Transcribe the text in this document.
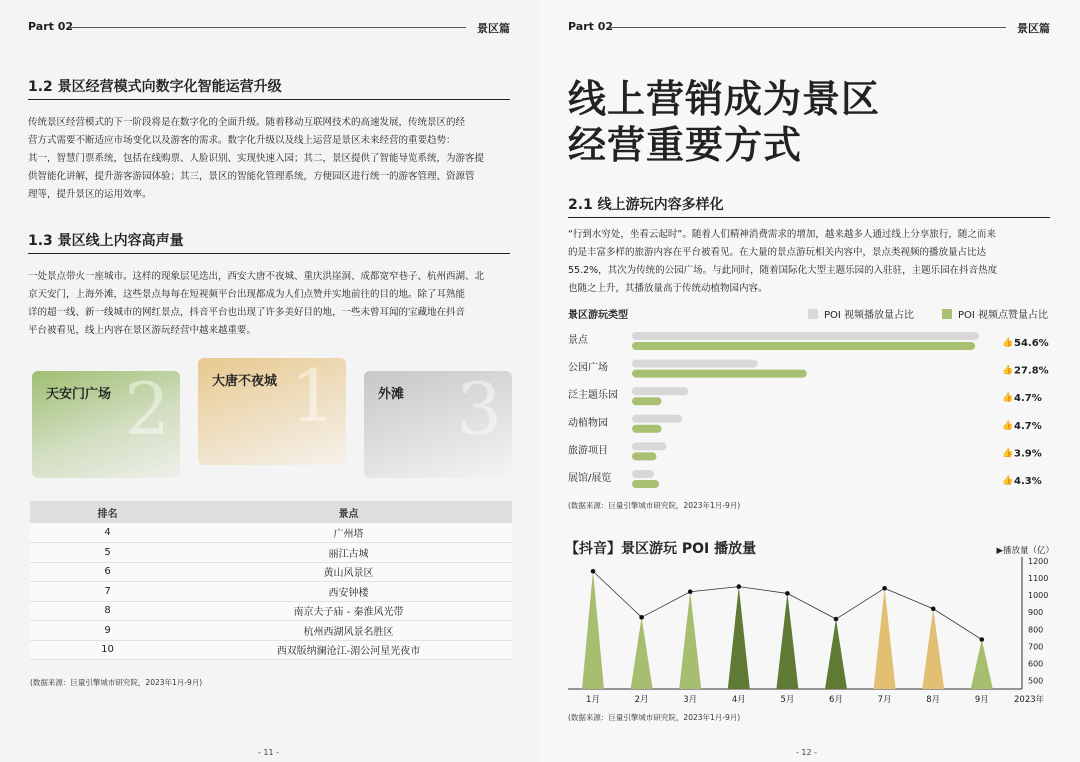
Part 02	景区篇
1.2 景区经营模式向数字化智能运营升级
传统景区经营模式的下一阶段将是在数字化的全面升级。随着移动互联网技术的高速发展，传统景区的经
营方式需要不断适应市场变化以及游客的需求。数字化升级以及线上运营是景区未来经营的重要趋势：
其一，智慧门票系统，包括在线购票、人脸识别、实现快速入园；其二，景区提供了智能导览系统，为游客提
供智能化讲解，提升游客游园体验；其三，景区的智能化管理系统，方便园区进行统一的游客管理、资源管
理等，提升景区的运用效率。
1.3 景区线上内容高声量
一处景点带火一座城市。这样的现象层见迭出，西安大唐不夜城、重庆洪崖洞、成都宽窄巷子、杭州西湖、北
京天安门，上海外滩，这些景点每每在短视频平台出现都成为人们点赞并实地前往的目的地。除了耳熟能
详的超一线、新一线城市的网红景点，抖音平台也出现了许多美好目的地，一些未曾耳闻的宝藏地在抖音
平台被看见，线上内容在景区游玩经营中越来越重要。
2
天安门广场 1
大唐不夜城 3
外滩
排名	景点
4	广州塔
5	丽江古城
6	黄山风景区
7	西安钟楼
8	南京夫子庙 - 秦淮风光带
9	杭州西湖风景名胜区
10	西双版纳澜沧江-湄公河星光夜市
(数据来源：巨量引擎城市研究院，2023年1月-9月)
- 11 -
Part 02	景区篇
线上营销成为景区
经营重要方式
2.1 线上游玩内容多样化
“行到水穷处，坐看云起时”。随着人们精神消费需求的增加，越来越多人通过线上分享旅行，随之而来
的是丰富多样的旅游内容在平台被看见。在大量的景点游玩相关内容中，景点类视频的播放量占比达
55.2%，其次为传统的公园广场。与此同时，随着国际化大型主题乐园的入驻驻，主题乐园在抖音热度
也随之上升，其播放量高于传统动植物园内容。
景区游玩类型	POI 视频播放量占比	POI 视频点赞量占比
景点	👍 54.6%
公园广场	👍 27.8%
泛主题乐园	👍 4.7%
动植物园	👍 4.7%
旅游项目	👍 3.9%
展馆/展览	👍 4.3%
(数据来源：巨量引擎城市研究院，2023年1月-9月)
【抖音】景区游玩 POI 播放量	▶播放量（亿）
500
600
700
800
900
1000
1100
1200
1月	2月	3月	4月	5月	6月	7月	8月	9月	2023年
(数据来源：巨量引擎城市研究院，2023年1月-9月)
- 12 -
